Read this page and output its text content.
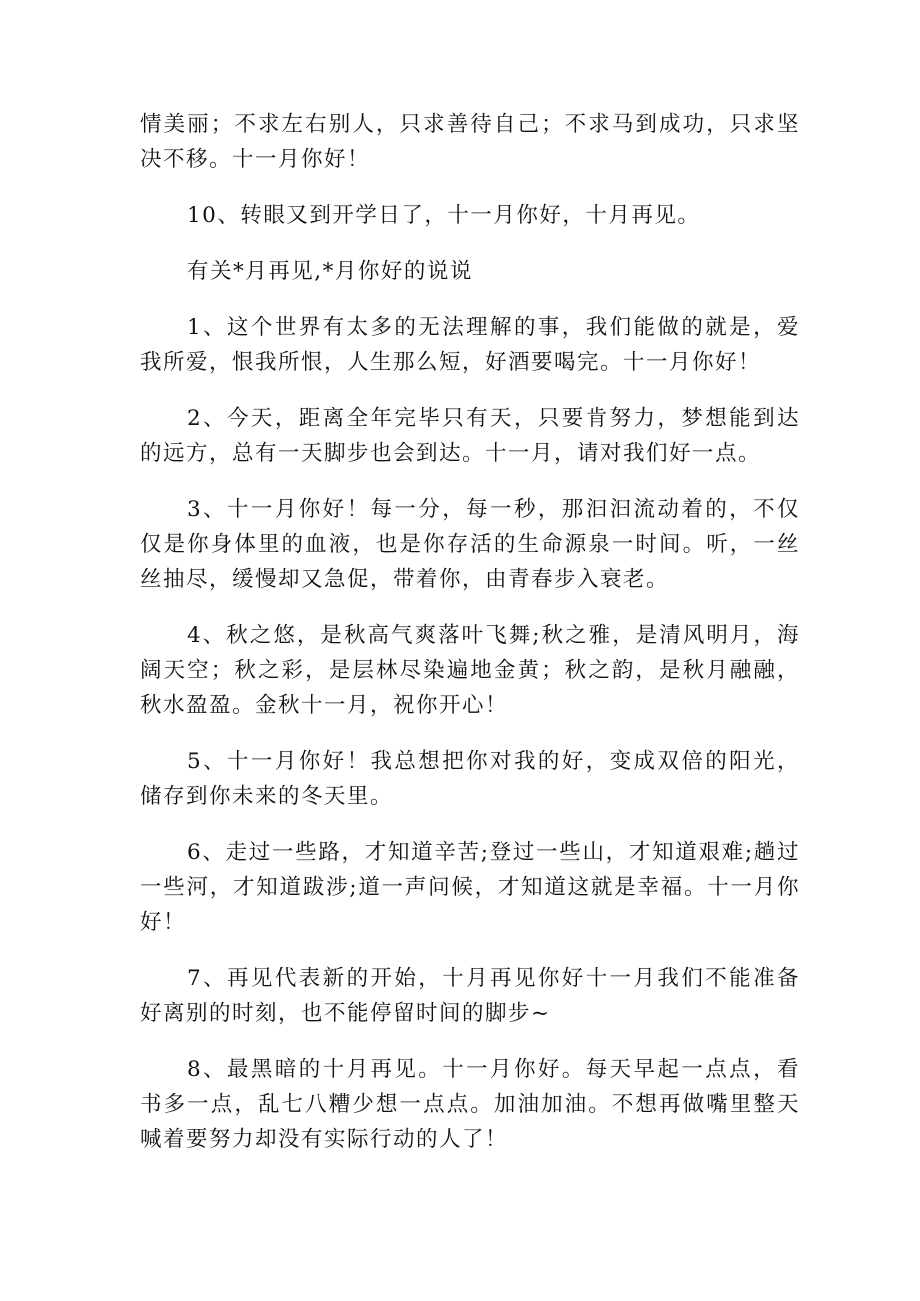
情美丽；不求左右别人，只求善待自己；不求马到成功，只求坚决不移。十一月你好！

10、转眼又到开学日了，十一月你好，十月再见。

有关*月再见,*月你好的说说

1、这个世界有太多的无法理解的事，我们能做的就是，爱我所爱，恨我所恨，人生那么短，好酒要喝完。十一月你好！

2、今天，距离全年完毕只有天，只要肯努力，梦想能到达的远方，总有一天脚步也会到达。十一月，请对我们好一点。

3、十一月你好！每一分，每一秒，那汩汩流动着的，不仅仅是你身体里的血液，也是你存活的生命源泉一时间。听，一丝丝抽尽，缓慢却又急促，带着你，由青春步入衰老。

4、秋之悠，是秋高气爽落叶飞舞;秋之雅，是清风明月，海阔天空；秋之彩，是层林尽染遍地金黄；秋之韵，是秋月融融，秋水盈盈。金秋十一月，祝你开心！

5、十一月你好！我总想把你对我的好，变成双倍的阳光，储存到你未来的冬天里。

6、走过一些路，才知道辛苦;登过一些山，才知道艰难;趟过一些河，才知道跋涉;道一声问候，才知道这就是幸福。十一月你好！

7、再见代表新的开始，十月再见你好十一月我们不能准备好离别的时刻，也不能停留时间的脚步~

8、最黑暗的十月再见。十一月你好。每天早起一点点，看书多一点，乱七八糟少想一点点。加油加油。不想再做嘴里整天喊着要努力却没有实际行动的人了！
